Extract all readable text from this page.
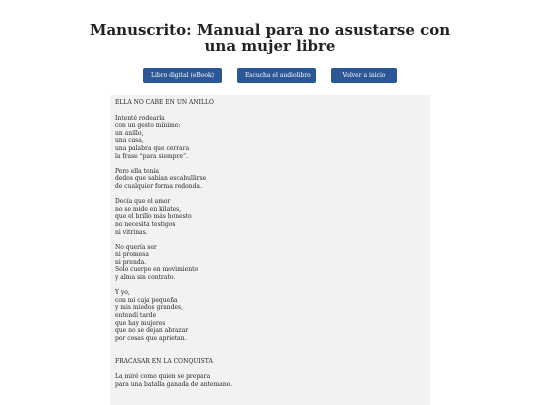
Manuscrito: Manual para no asustarse con
una mujer libre
Libro digital (eBook)	Escucha el audiolibro	Volver a inicio
ELLA NO CABE EN UN ANILLO
Intenté rodearla
con un gesto mínimo:
un anillo,
una casa,
una palabra que cerrara
la frase “para siempre”.
Pero ella tenía
dedos que sabían escabullirse
de cualquier forma redonda.
Decía que el amor
no se mide en kilates,
que el brillo más honesto
no necesita testigos
ni vitrinas.
No quería ser
ni promesa
ni prenda.
Solo cuerpo en movimiento
y alma sin contrato.
Y yo,
con mi caja pequeña
y mis miedos grandes,
entendí tarde
que hay mujeres
que no se dejan abrazar
por cosas que aprietan.
FRACASAR EN LA CONQUISTA
La miré como quien se prepara
para una batalla ganada de antemano.
